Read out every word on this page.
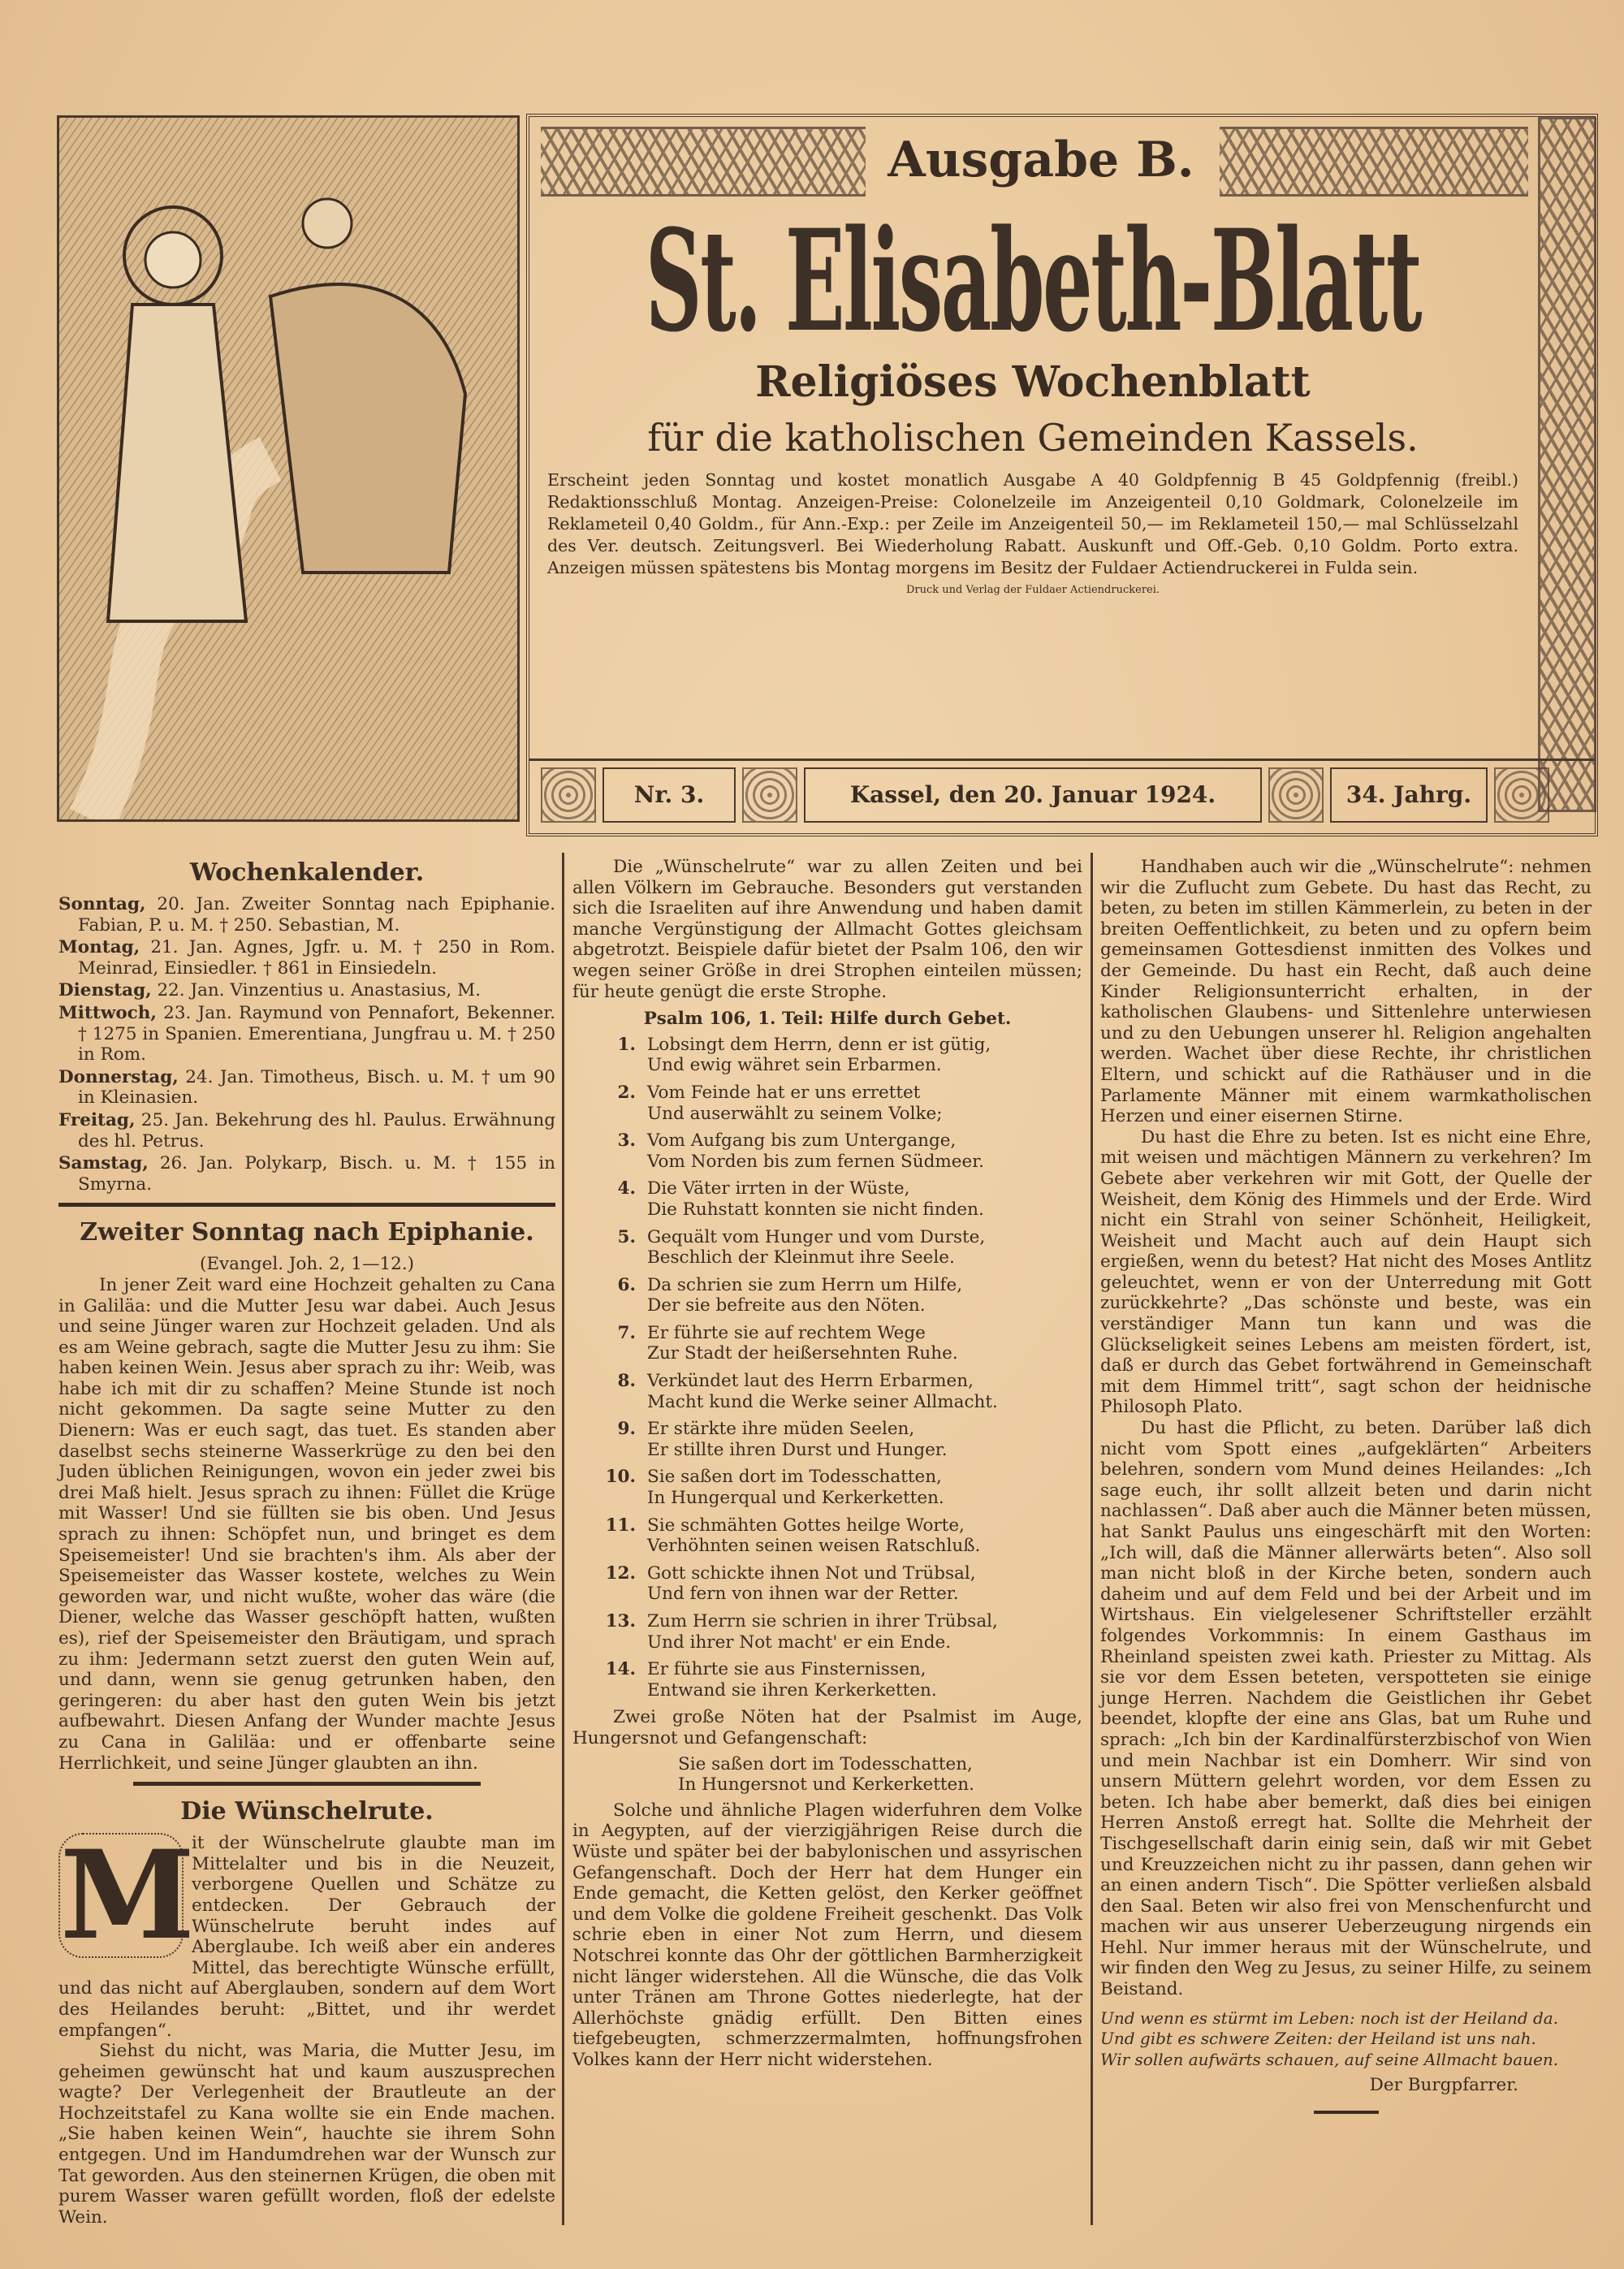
Ausgabe B.
St. Elisabeth-Blatt
Religiöses Wochenblatt
für die katholischen Gemeinden Kassels.
Erscheint jeden Sonntag und kostet monatlich Ausgabe A 40 Goldpfennig B 45 Goldpfennig (freibl.) Redaktionsschluß Montag. Anzeigen-Preise: Colonelzeile im Anzeigenteil 0,10 Goldmark, Colonelzeile im Reklameteil 0,40 Goldm., für Ann.-Exp.: per Zeile im Anzeigenteil 50,— im Reklameteil 150,— mal Schlüsselzahl des Ver. deutsch. Zeitungsverl. Bei Wiederholung Rabatt. Auskunft und Off.-Geb. 0,10 Goldm. Porto extra. Anzeigen müssen spätestens bis Montag morgens im Besitz der Fuldaer Actiendruckerei in Fulda sein.
Druck und Verlag der Fuldaer Actiendruckerei.
Nr. 3.	Kassel, den 20. Januar 1924.	34. Jahrg.
Wochenkalender.

Sonntag, 20. Jan. Zweiter Sonntag nach Epiphanie. Fabian, P. u. M. † 250. Sebastian, M.

Montag, 21. Jan. Agnes, Jgfr. u. M. † 250 in Rom. Meinrad, Einsiedler. † 861 in Einsiedeln.

Dienstag, 22. Jan. Vinzentius u. Anastasius, M.

Mittwoch, 23. Jan. Raymund von Pennafort, Bekenner. † 1275 in Spanien. Emerentiana, Jungfrau u. M. † 250 in Rom.

Donnerstag, 24. Jan. Timotheus, Bisch. u. M. † um 90 in Kleinasien.

Freitag, 25. Jan. Bekehrung des hl. Paulus. Erwähnung des hl. Petrus.

Samstag, 26. Jan. Polykarp, Bisch. u. M. † 155 in Smyrna.

Zweiter Sonntag nach Epiphanie.

(Evangel. Joh. 2, 1—12.)

In jener Zeit ward eine Hochzeit gehalten zu Cana in Galiläa: und die Mutter Jesu war dabei. Auch Jesus und seine Jünger waren zur Hochzeit geladen. Und als es am Weine gebrach, sagte die Mutter Jesu zu ihm: Sie haben keinen Wein. Jesus aber sprach zu ihr: Weib, was habe ich mit dir zu schaffen? Meine Stunde ist noch nicht gekommen. Da sagte seine Mutter zu den Dienern: Was er euch sagt, das tuet. Es standen aber daselbst sechs steinerne Wasserkrüge zu den bei den Juden üblichen Reinigungen, wovon ein jeder zwei bis drei Maß hielt. Jesus sprach zu ihnen: Füllet die Krüge mit Wasser! Und sie füllten sie bis oben. Und Jesus sprach zu ihnen: Schöpfet nun, und bringet es dem Speisemeister! Und sie brachten's ihm. Als aber der Speisemeister das Wasser kostete, welches zu Wein geworden war, und nicht wußte, woher das wäre (die Diener, welche das Wasser geschöpft hatten, wußten es), rief der Speisemeister den Bräutigam, und sprach zu ihm: Jedermann setzt zuerst den guten Wein auf, und dann, wenn sie genug getrunken haben, den geringeren: du aber hast den guten Wein bis jetzt aufbewahrt. Diesen Anfang der Wunder machte Jesus zu Cana in Galiläa: und er offenbarte seine Herrlichkeit, und seine Jünger glaubten an ihn.

Die Wünschelrute.

M
it der Wünschelrute glaubte man im Mittelalter und bis in die Neuzeit, verborgene Quellen und Schätze zu entdecken. Der Gebrauch der Wünschelrute beruht indes auf Aberglaube. Ich weiß aber ein anderes Mittel, das berechtigte Wünsche erfüllt, und das nicht auf Aberglauben, sondern auf dem Wort des Heilandes beruht: „Bittet, und ihr werdet empfangen“.

Siehst du nicht, was Maria, die Mutter Jesu, im geheimen gewünscht hat und kaum auszusprechen wagte? Der Verlegenheit der Brautleute an der Hochzeitstafel zu Kana wollte sie ein Ende machen. „Sie haben keinen Wein“, hauchte sie ihrem Sohn entgegen. Und im Handumdrehen war der Wunsch zur Tat geworden. Aus den steinernen Krügen, die oben mit purem Wasser waren gefüllt worden, floß der edelste Wein.

Die „Wünschelrute“ war zu allen Zeiten und bei allen Völkern im Gebrauche. Besonders gut verstanden sich die Israeliten auf ihre Anwendung und haben damit manche Vergünstigung der Allmacht Gottes gleichsam abgetrotzt. Beispiele dafür bietet der Psalm 106, den wir wegen seiner Größe in drei Strophen einteilen müssen; für heute genügt die erste Strophe.

Psalm 106, 1. Teil: Hilfe durch Gebet.

1. Lobsingt dem Herrn, denn er ist gütig,
Und ewig währet sein Erbarmen.
2. Vom Feinde hat er uns errettet
Und auserwählt zu seinem Volke;
3. Vom Aufgang bis zum Untergange,
Vom Norden bis zum fernen Südmeer.
4. Die Väter irrten in der Wüste,
Die Ruhstatt konnten sie nicht finden.
5. Gequält vom Hunger und vom Durste,
Beschlich der Kleinmut ihre Seele.
6. Da schrien sie zum Herrn um Hilfe,
Der sie befreite aus den Nöten.
7. Er führte sie auf rechtem Wege
Zur Stadt der heißersehnten Ruhe.
8. Verkündet laut des Herrn Erbarmen,
Macht kund die Werke seiner Allmacht.
9. Er stärkte ihre müden Seelen,
Er stillte ihren Durst und Hunger.
10. Sie saßen dort im Todesschatten,
In Hungerqual und Kerkerketten.
11. Sie schmähten Gottes heilge Worte,
Verhöhnten seinen weisen Ratschluß.
12. Gott schickte ihnen Not und Trübsal,
Und fern von ihnen war der Retter.
13. Zum Herrn sie schrien in ihrer Trübsal,
Und ihrer Not macht' er ein Ende.
14. Er führte sie aus Finsternissen,
Entwand sie ihren Kerkerketten.

Zwei große Nöten hat der Psalmist im Auge, Hungersnot und Gefangenschaft:

Sie saßen dort im Todesschatten,
In Hungersnot und Kerkerketten.

Solche und ähnliche Plagen widerfuhren dem Volke in Aegypten, auf der vierzigjährigen Reise durch die Wüste und später bei der babylonischen und assyrischen Gefangenschaft. Doch der Herr hat dem Hunger ein Ende gemacht, die Ketten gelöst, den Kerker geöffnet und dem Volke die goldene Freiheit geschenkt. Das Volk schrie eben in einer Not zum Herrn, und diesem Notschrei konnte das Ohr der göttlichen Barmherzigkeit nicht länger widerstehen. All die Wünsche, die das Volk unter Tränen am Throne Gottes niederlegte, hat der Allerhöchste gnädig erfüllt. Den Bitten eines tiefgebeugten, schmerzzermalmten, hoffnungsfrohen Volkes kann der Herr nicht widerstehen.

Handhaben auch wir die „Wünschelrute“: nehmen wir die Zuflucht zum Gebete. Du hast das Recht, zu beten, zu beten im stillen Kämmerlein, zu beten in der breiten Oeffentlichkeit, zu beten und zu opfern beim gemeinsamen Gottesdienst inmitten des Volkes und der Gemeinde. Du hast ein Recht, daß auch deine Kinder Religionsunterricht erhalten, in der katholischen Glaubens- und Sittenlehre unterwiesen und zu den Uebungen unserer hl. Religion angehalten werden. Wachet über diese Rechte, ihr christlichen Eltern, und schickt auf die Rathäuser und in die Parlamente Männer mit einem warmkatholischen Herzen und einer eisernen Stirne.

Du hast die Ehre zu beten. Ist es nicht eine Ehre, mit weisen und mächtigen Männern zu verkehren? Im Gebete aber verkehren wir mit Gott, der Quelle der Weisheit, dem König des Himmels und der Erde. Wird nicht ein Strahl von seiner Schönheit, Heiligkeit, Weisheit und Macht auch auf dein Haupt sich ergießen, wenn du betest? Hat nicht des Moses Antlitz geleuchtet, wenn er von der Unterredung mit Gott zurückkehrte? „Das schönste und beste, was ein verständiger Mann tun kann und was die Glückseligkeit seines Lebens am meisten fördert, ist, daß er durch das Gebet fortwährend in Gemeinschaft mit dem Himmel tritt“, sagt schon der heidnische Philosoph Plato.

Du hast die Pflicht, zu beten. Darüber laß dich nicht vom Spott eines „aufgeklärten“ Arbeiters belehren, sondern vom Mund deines Heilandes: „Ich sage euch, ihr sollt allzeit beten und darin nicht nachlassen“. Daß aber auch die Männer beten müssen, hat Sankt Paulus uns eingeschärft mit den Worten: „Ich will, daß die Männer allerwärts beten“. Also soll man nicht bloß in der Kirche beten, sondern auch daheim und auf dem Feld und bei der Arbeit und im Wirtshaus. Ein vielgelesener Schriftsteller erzählt folgendes Vorkommnis: In einem Gasthaus im Rheinland speisten zwei kath. Priester zu Mittag. Als sie vor dem Essen beteten, verspotteten sie einige junge Herren. Nachdem die Geistlichen ihr Gebet beendet, klopfte der eine ans Glas, bat um Ruhe und sprach: „Ich bin der Kardinalfürsterzbischof von Wien und mein Nachbar ist ein Domherr. Wir sind von unsern Müttern gelehrt worden, vor dem Essen zu beten. Ich habe aber bemerkt, daß dies bei einigen Herren Anstoß erregt hat. Sollte die Mehrheit der Tischgesellschaft darin einig sein, daß wir mit Gebet und Kreuzzeichen nicht zu ihr passen, dann gehen wir an einen andern Tisch“. Die Spötter verließen alsbald den Saal. Beten wir also frei von Menschenfurcht und machen wir aus unserer Ueberzeugung nirgends ein Hehl. Nur immer heraus mit der Wünschelrute, und wir finden den Weg zu Jesus, zu seiner Hilfe, zu seinem Beistand.

Und wenn es stürmt im Leben: noch ist der Heiland da.
Und gibt es schwere Zeiten: der Heiland ist uns nah.
Wir sollen aufwärts schauen, auf seine Allmacht bauen.

Der Burgpfarrer.
